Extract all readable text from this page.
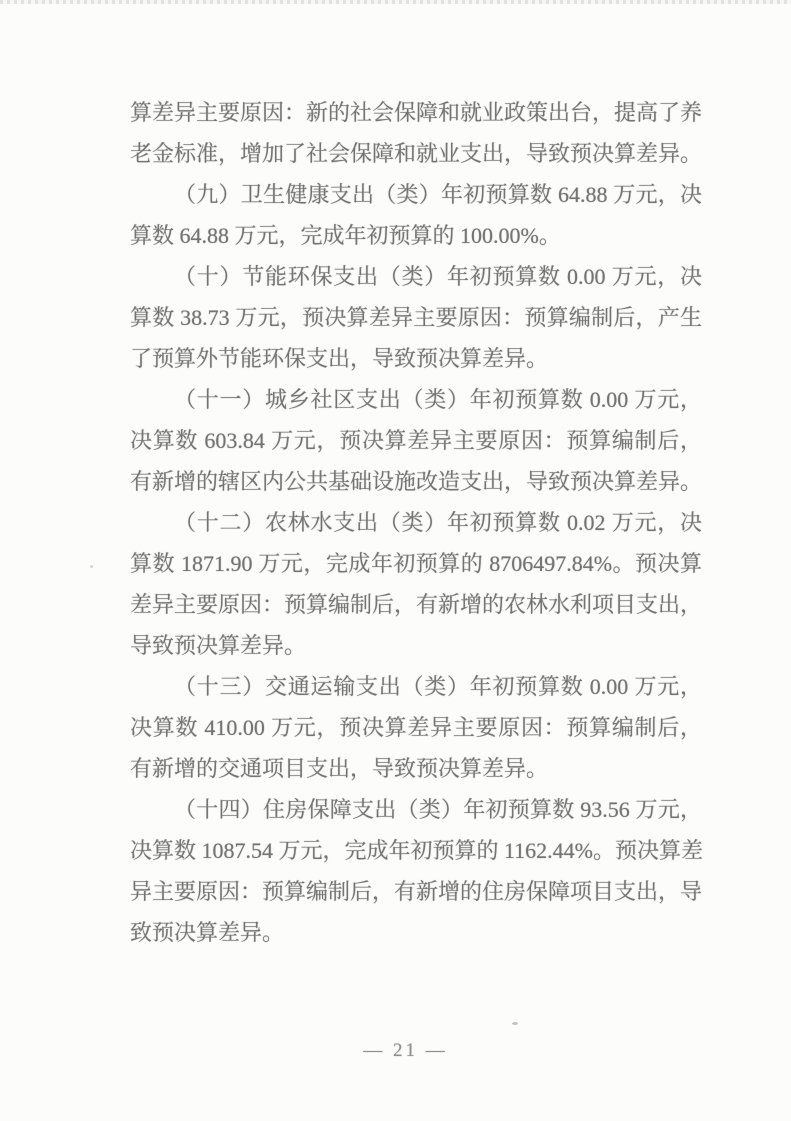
算差异主要原因：新的社会保障和就业政策出台，提高了养
老金标准，增加了社会保障和就业支出，导致预决算差异。
（九）卫生健康支出（类）年初预算数 64.88 万元，决
算数 64.88 万元，完成年初预算的 100.00%。
（十）节能环保支出（类）年初预算数 0.00 万元，决
算数 38.73 万元，预决算差异主要原因：预算编制后，产生
了预算外节能环保支出，导致预决算差异。
（十一）城乡社区支出（类）年初预算数 0.00 万元，
决算数 603.84 万元，预决算差异主要原因：预算编制后，
有新增的辖区内公共基础设施改造支出，导致预决算差异。
（十二）农林水支出（类）年初预算数 0.02 万元，决
算数 1871.90 万元，完成年初预算的 8706497.84%。预决算
差异主要原因：预算编制后，有新增的农林水利项目支出，
导致预决算差异。
（十三）交通运输支出（类）年初预算数 0.00 万元，
决算数 410.00 万元，预决算差异主要原因：预算编制后，
有新增的交通项目支出，导致预决算差异。
（十四）住房保障支出（类）年初预算数 93.56 万元，
决算数 1087.54 万元，完成年初预算的 1162.44%。预决算差
异主要原因：预算编制后，有新增的住房保障项目支出，导
致预决算差异。
— 21 —
